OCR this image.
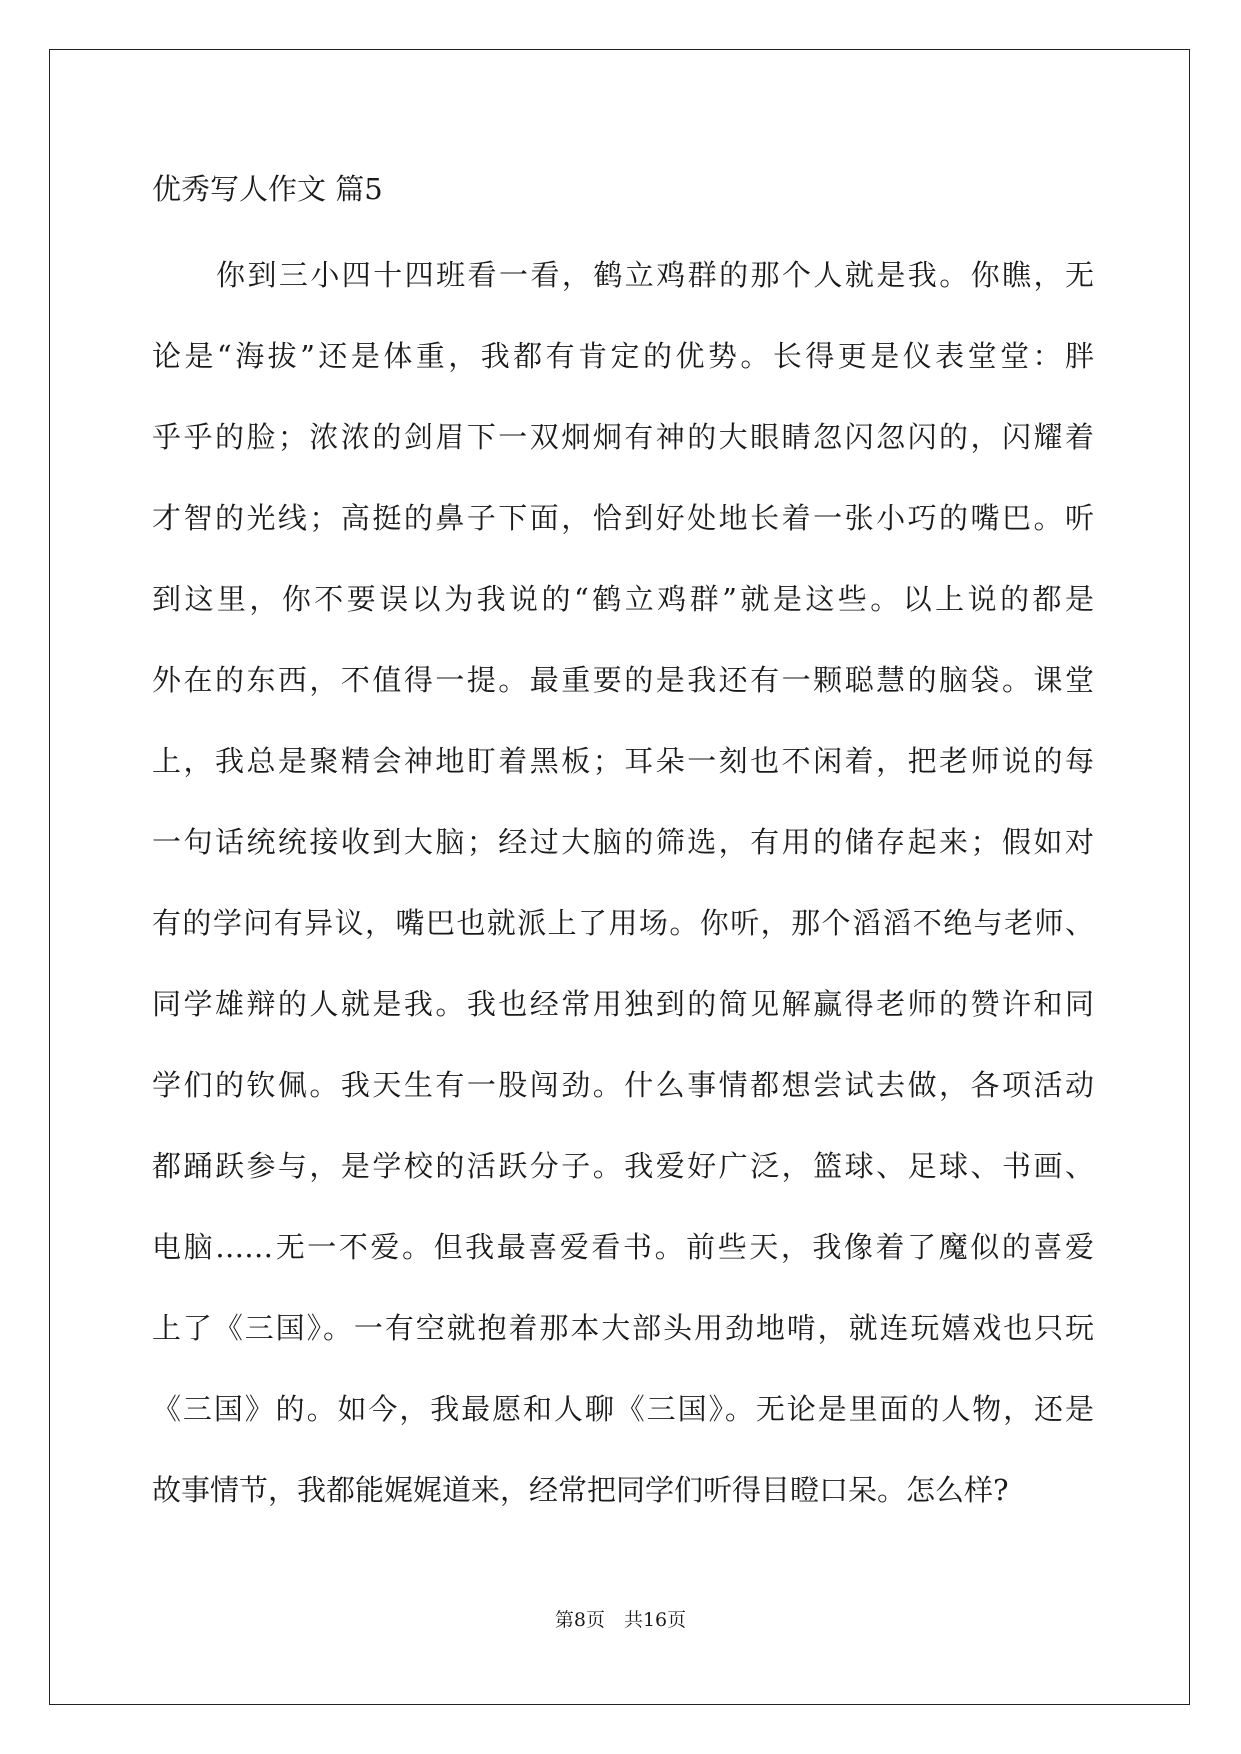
优秀写人作文 篇5
你到三小四十四班看一看，鹤立鸡群的那个人就是我。你瞧，无
论是“海拔”还是体重，我都有肯定的优势。长得更是仪表堂堂：胖
乎乎的脸；浓浓的剑眉下一双炯炯有神的大眼睛忽闪忽闪的，闪耀着
才智的光线；高挺的鼻子下面，恰到好处地长着一张小巧的嘴巴。听
到这里，你不要误以为我说的“鹤立鸡群”就是这些。以上说的都是
外在的东西，不值得一提。最重要的是我还有一颗聪慧的脑袋。课堂
上，我总是聚精会神地盯着黑板；耳朵一刻也不闲着，把老师说的每
一句话统统接收到大脑；经过大脑的筛选，有用的储存起来；假如对
有的学问有异议，嘴巴也就派上了用场。你听，那个滔滔不绝与老师、
同学雄辩的人就是我。我也经常用独到的简见解赢得老师的赞许和同
学们的钦佩。我天生有一股闯劲。什么事情都想尝试去做，各项活动
都踊跃参与，是学校的活跃分子。我爱好广泛，篮球、足球、书画、
电脑……无一不爱。但我最喜爱看书。前些天，我像着了魔似的喜爱
上了《三国》。一有空就抱着那本大部头用劲地啃，就连玩嬉戏也只玩
《三国》的。如今，我最愿和人聊《三国》。无论是里面的人物，还是
故事情节，我都能娓娓道来，经常把同学们听得目瞪口呆。怎么样?
第8页　共16页
